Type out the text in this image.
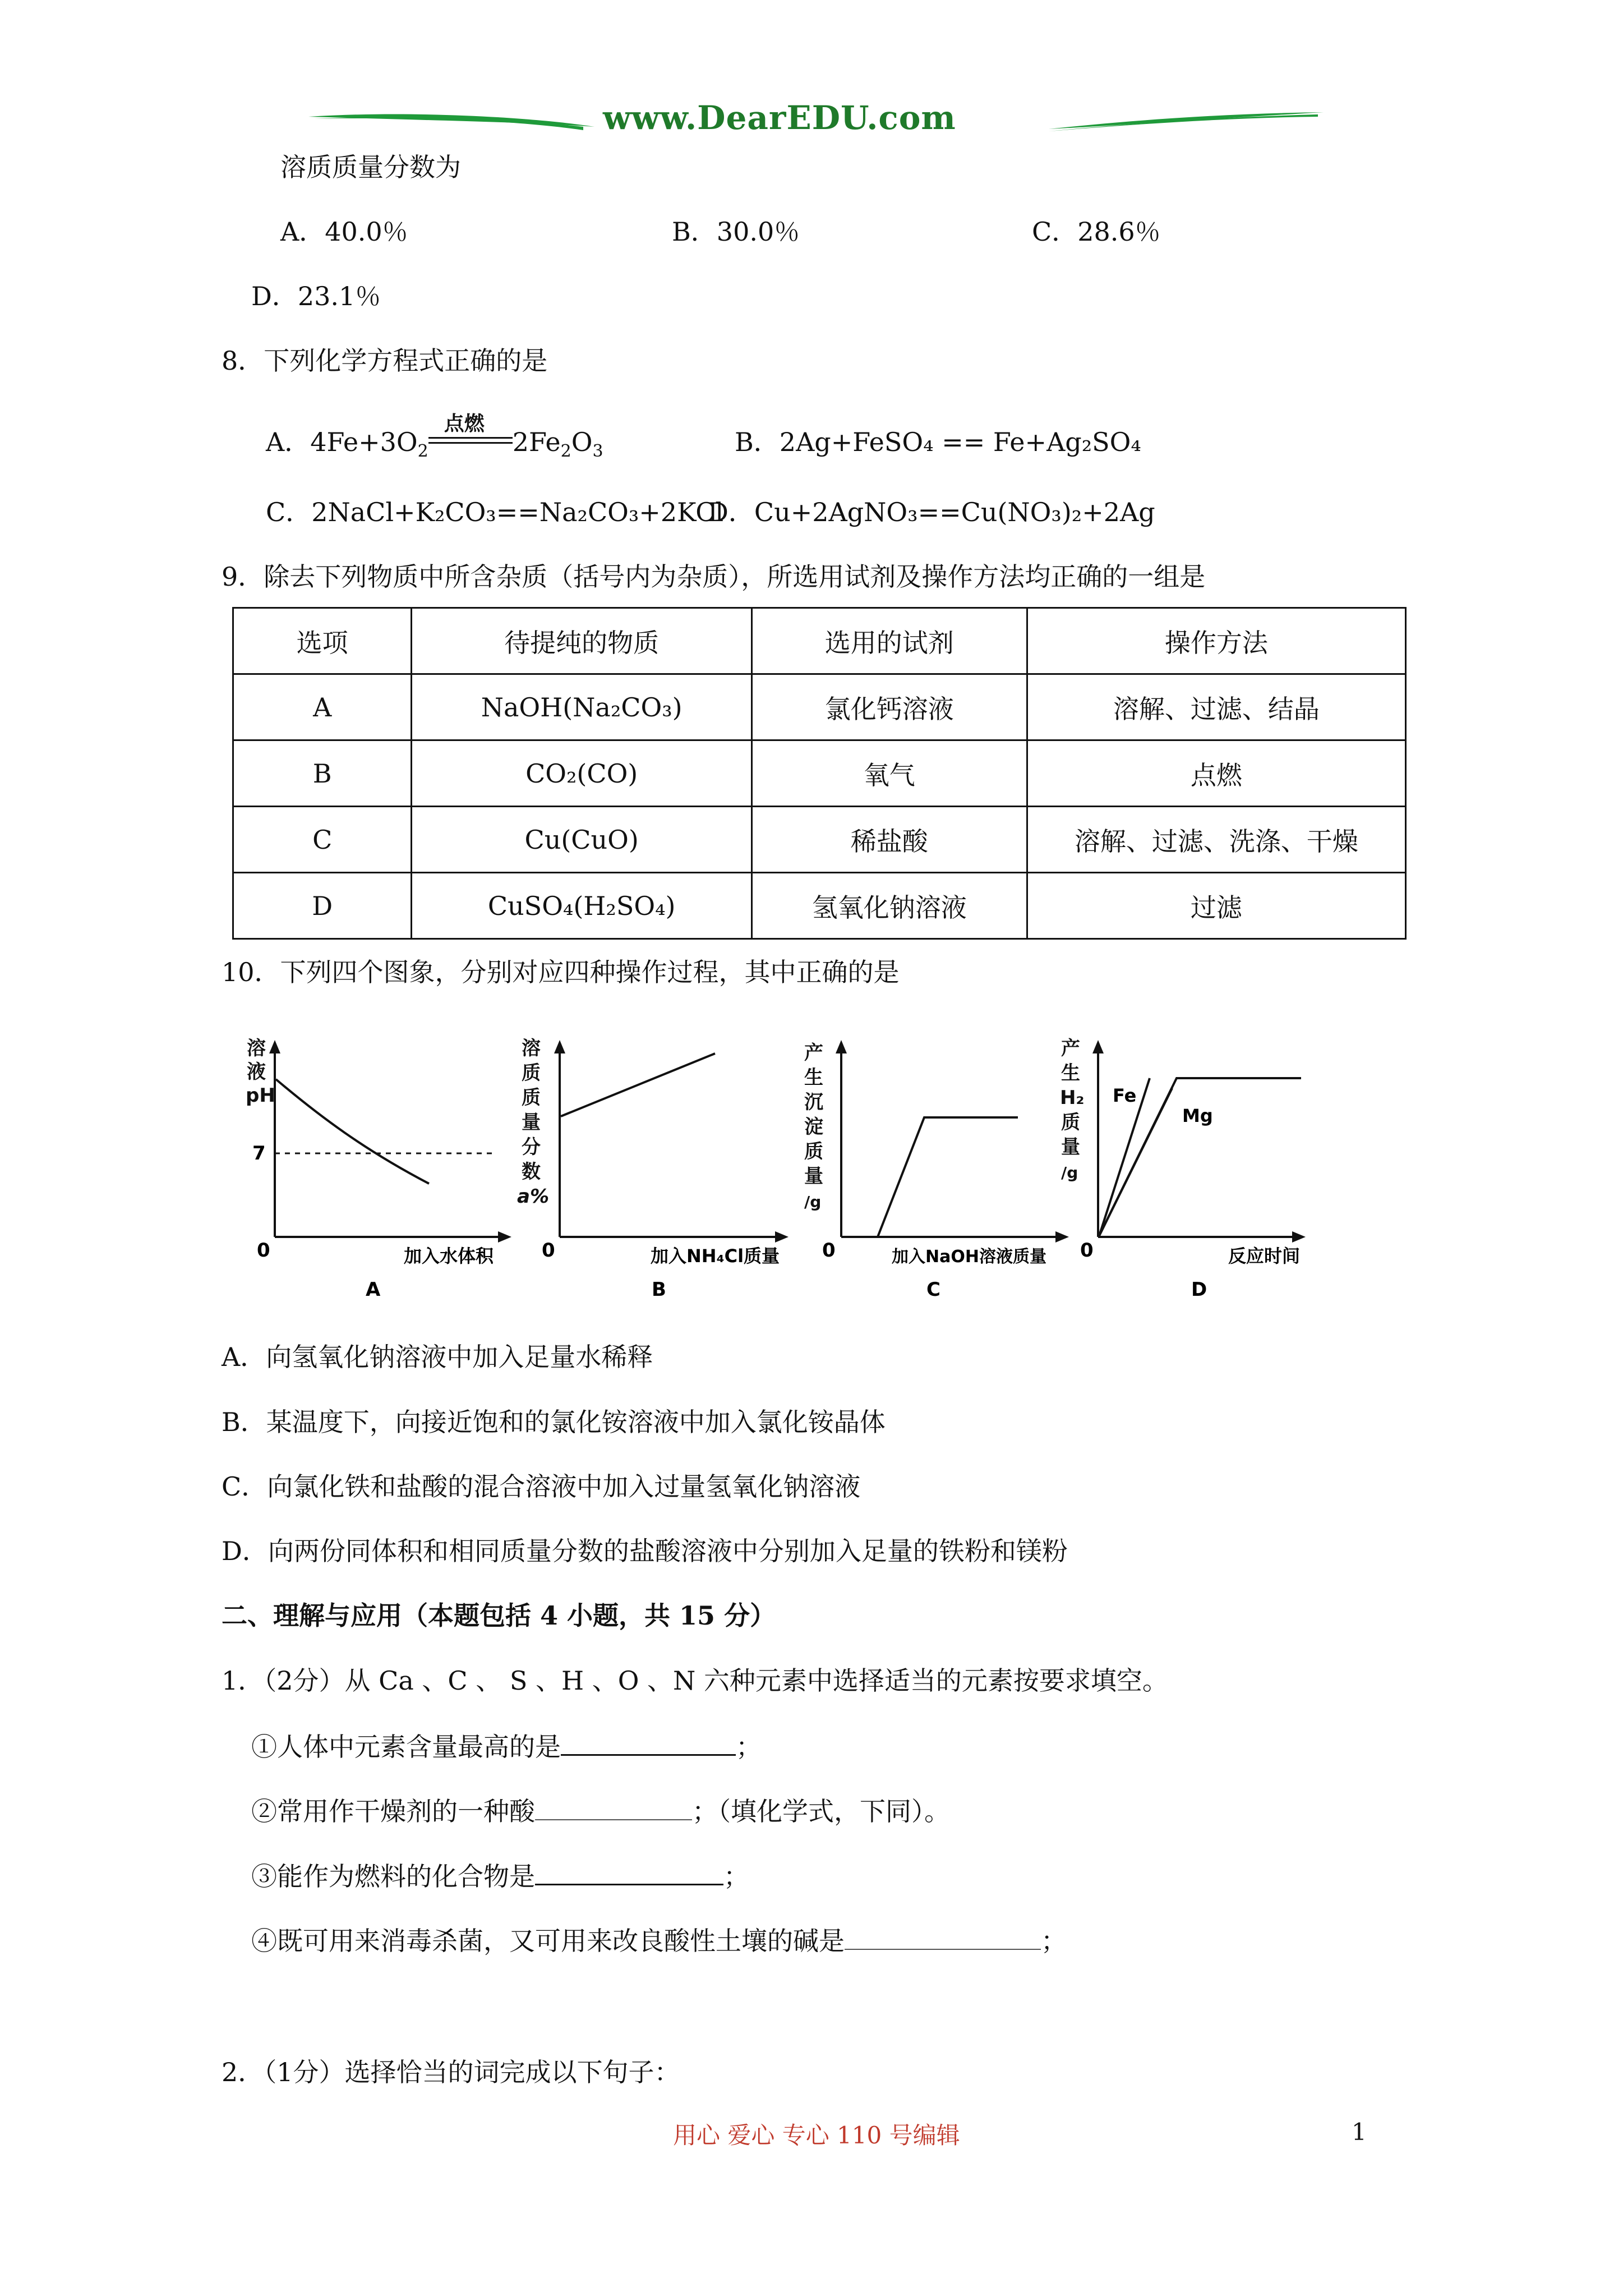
www.DearEDU.com
溶质质量分数为
A．40.0％	B．30.0％	C．28.6％
D．23.1％
8．下列化学方程式正确的是
A．$4Fe+3O_2$
点燃
$2Fe_2O_3$	B．2Ag+FeSO₄ == Fe+Ag₂SO₄
C．2NaCl+K₂CO₃==Na₂CO₃+2KCl
D．Cu+2AgNO₃==Cu(NO₃)₂+2Ag
9．除去下列物质中所含杂质（括号内为杂质），所选用试剂及操作方法均正确的一组是
选项	待提纯的物质	选用的试剂	操作方法
A	NaOH(Na₂CO₃)	氯化钙溶液	溶解、过滤、结晶
B	CO₂(CO)	氧气	点燃
C	Cu(CuO)	稀盐酸	溶解、过滤、洗涤、干燥
D	CuSO₄(H₂SO₄)	氢氧化钠溶液	过滤
10．下列四个图象，分别对应四种操作过程，其中正确的是
溶
液
pH
7
0	加入水体积
A
溶
质
质
量
分
数
a%
0	加入NH₄Cl质量
B
产
生
沉
淀
质
量
/g
0	加入NaOH溶液质量
C
产
生
H₂
质
量
/g
Fe
Mg
0	反应时间
D
A．向氢氧化钠溶液中加入足量水稀释
B．某温度下，向接近饱和的氯化铵溶液中加入氯化铵晶体
C．向氯化铁和盐酸的混合溶液中加入过量氢氧化钠溶液
D．向两份同体积和相同质量分数的盐酸溶液中分别加入足量的铁粉和镁粉
二、理解与应用（本题包括 4 小题，共 15 分）
1．（2分）从 Ca 、C 、 S 、H 、O 、N 六种元素中选择适当的元素按要求填空。
①人体中元素含量最高的是	；
②常用作干燥剂的一种酸	；（填化学式，下同）。
③能作为燃料的化合物是	；
④既可用来消毒杀菌，又可用来改良酸性土壤的碱是	；
2．（1分）选择恰当的词完成以下句子：
用心 爱心 专心 110 号编辑	1
